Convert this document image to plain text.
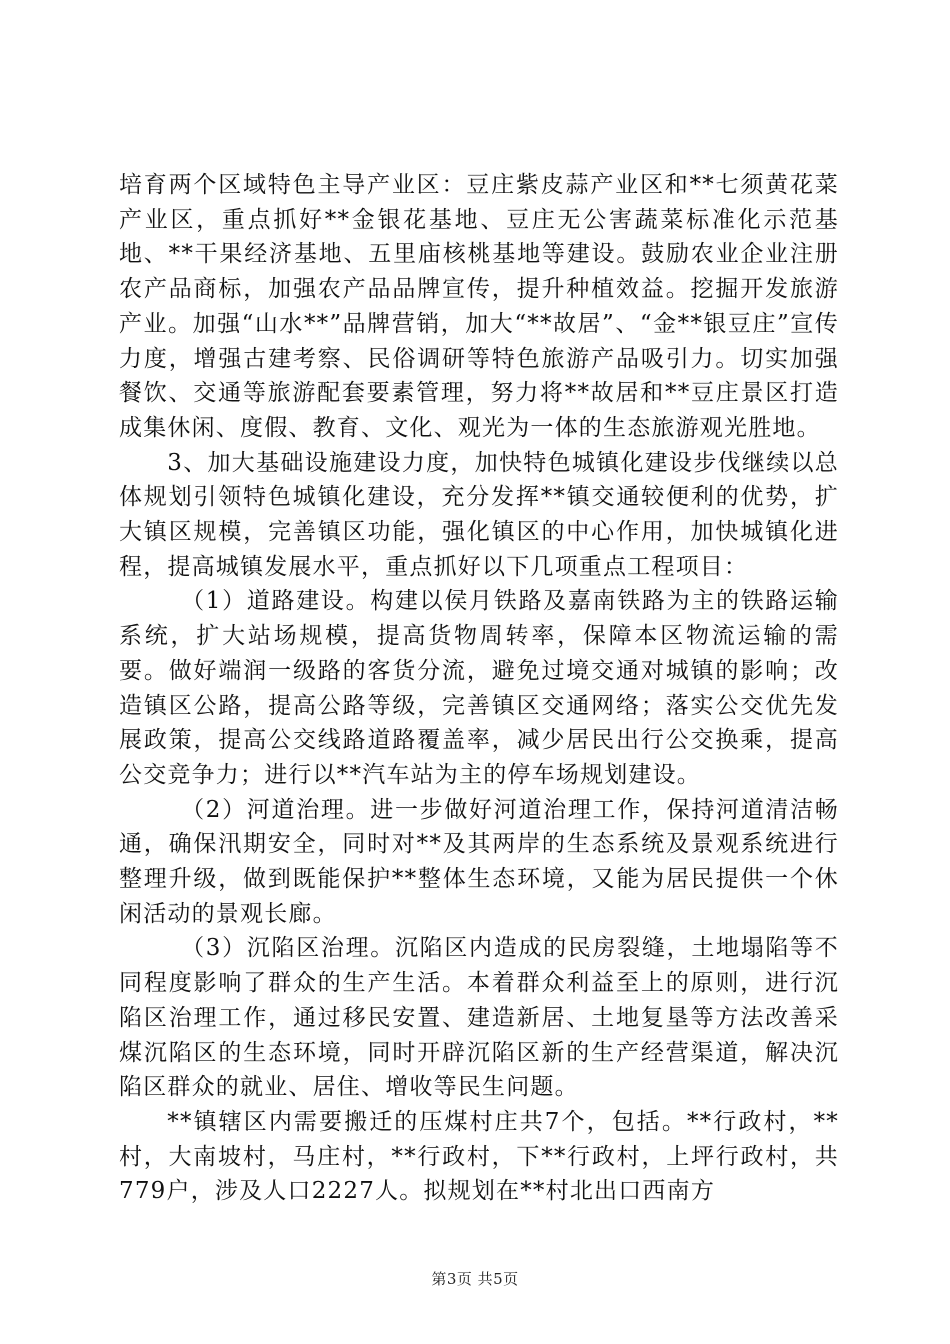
培育两个区域特色主导产业区：豆庄紫皮蒜产业区和**七须黄花菜产业区，重点抓好**金银花基地、豆庄无公害蔬菜标准化示范基地、**干果经济基地、五里庙核桃基地等建设。鼓励农业企业注册农产品商标，加强农产品品牌宣传，提升种植效益。挖掘开发旅游产业。加强“山水**”品牌营销，加大“**故居”、“金**银豆庄”宣传力度，增强古建考察、民俗调研等特色旅游产品吸引力。切实加强餐饮、交通等旅游配套要素管理，努力将**故居和**豆庄景区打造成集休闲、度假、教育、文化、观光为一体的生态旅游观光胜地。

3、加大基础设施建设力度，加快特色城镇化建设步伐继续以总体规划引领特色城镇化建设，充分发挥**镇交通较便利的优势，扩大镇区规模，完善镇区功能，强化镇区的中心作用，加快城镇化进程，提高城镇发展水平，重点抓好以下几项重点工程项目：

（1）道路建设。构建以侯月铁路及嘉南铁路为主的铁路运输系统，扩大站场规模，提高货物周转率，保障本区物流运输的需要。做好端润一级路的客货分流，避免过境交通对城镇的影响；改造镇区公路，提高公路等级，完善镇区交通网络；落实公交优先发展政策，提高公交线路道路覆盖率，减少居民出行公交换乘，提高公交竞争力；进行以**汽车站为主的停车场规划建设。

（2）河道治理。进一步做好河道治理工作，保持河道清洁畅通，确保汛期安全，同时对**及其两岸的生态系统及景观系统进行整理升级，做到既能保护**整体生态环境，又能为居民提供一个休闲活动的景观长廊。

（3）沉陷区治理。沉陷区内造成的民房裂缝，土地塌陷等不同程度影响了群众的生产生活。本着群众利益至上的原则，进行沉陷区治理工作，通过移民安置、建造新居、土地复垦等方法改善采煤沉陷区的生态环境，同时开辟沉陷区新的生产经营渠道，解决沉陷区群众的就业、居住、增收等民生问题。

**镇辖区内需要搬迁的压煤村庄共7个，包括。**行政村，**村，大南坡村，马庄村，**行政村，下**行政村，上坪行政村，共779户，涉及人口2227人。拟规划在**村北出口西南方

第3页 共5页
